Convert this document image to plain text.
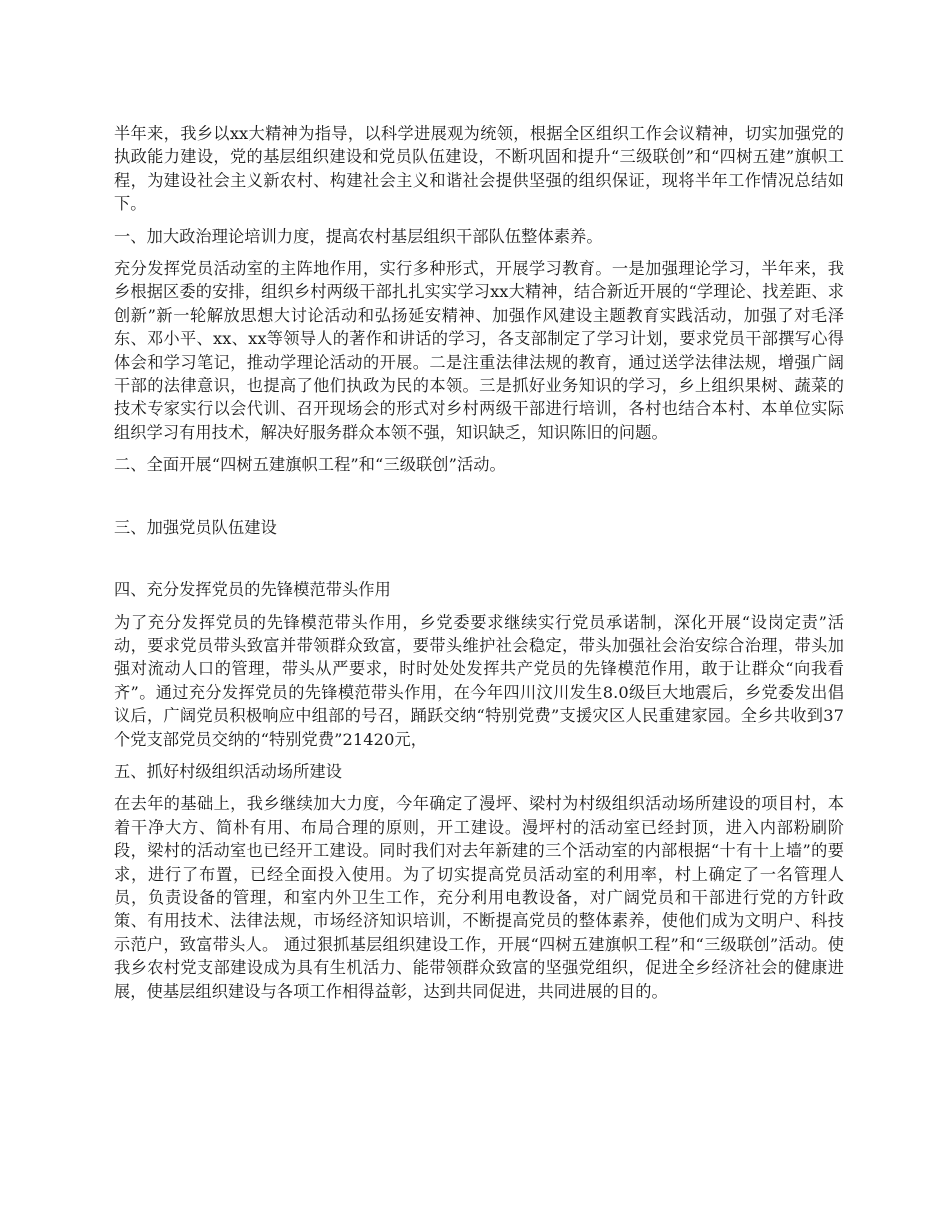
半年来，我乡以xx大精神为指导，以科学进展观为统领，根据全区组织工作会议精神，切实加强党的执政能力建设，党的基层组织建设和党员队伍建设，不断巩固和提升“三级联创”和“四树五建”旗帜工程，为建设社会主义新农村、构建社会主义和谐社会提供坚强的组织保证，现将半年工作情况总结如下。

一、加大政治理论培训力度，提高农村基层组织干部队伍整体素养。

充分发挥党员活动室的主阵地作用，实行多种形式，开展学习教育。一是加强理论学习，半年来，我乡根据区委的安排，组织乡村两级干部扎扎实实学习xx大精神，结合新近开展的“学理论、找差距、求创新”新一轮解放思想大讨论活动和弘扬延安精神、加强作风建设主题教育实践活动，加强了对毛泽东、邓小平、xx、xx等领导人的著作和讲话的学习，各支部制定了学习计划，要求党员干部撰写心得体会和学习笔记，推动学理论活动的开展。二是注重法律法规的教育，通过送学法律法规，增强广阔干部的法律意识，也提高了他们执政为民的本领。三是抓好业务知识的学习，乡上组织果树、蔬菜的技术专家实行以会代训、召开现场会的形式对乡村两级干部进行培训，各村也结合本村、本单位实际组织学习有用技术，解决好服务群众本领不强，知识缺乏，知识陈旧的问题。

二、全面开展“四树五建旗帜工程”和“三级联创”活动。

三、加强党员队伍建设

四、充分发挥党员的先锋模范带头作用

为了充分发挥党员的先锋模范带头作用，乡党委要求继续实行党员承诺制，深化开展“设岗定责”活动，要求党员带头致富并带领群众致富，要带头维护社会稳定，带头加强社会治安综合治理，带头加强对流动人口的管理，带头从严要求，时时处处发挥共产党员的先锋模范作用，敢于让群众“向我看齐”。通过充分发挥党员的先锋模范带头作用，在今年四川汶川发生8.0级巨大地震后，乡党委发出倡议后，广阔党员积极响应中组部的号召，踊跃交纳“特别党费”支援灾区人民重建家园。全乡共收到37个党支部党员交纳的“特别党费”21420元，

五、抓好村级组织活动场所建设

在去年的基础上，我乡继续加大力度，今年确定了漫坪、梁村为村级组织活动场所建设的项目村，本着干净大方、简朴有用、布局合理的原则，开工建设。漫坪村的活动室已经封顶，进入内部粉刷阶段，梁村的活动室也已经开工建设。同时我们对去年新建的三个活动室的内部根据“十有十上墙”的要求，进行了布置，已经全面投入使用。为了切实提高党员活动室的利用率，村上确定了一名管理人员，负责设备的管理，和室内外卫生工作，充分利用电教设备，对广阔党员和干部进行党的方针政策、有用技术、法律法规，市场经济知识培训，不断提高党员的整体素养，使他们成为文明户、科技示范户，致富带头人。 通过狠抓基层组织建设工作，开展“四树五建旗帜工程”和“三级联创”活动。使我乡农村党支部建设成为具有生机活力、能带领群众致富的坚强党组织，促进全乡经济社会的健康进展，使基层组织建设与各项工作相得益彰，达到共同促进，共同进展的目的。
